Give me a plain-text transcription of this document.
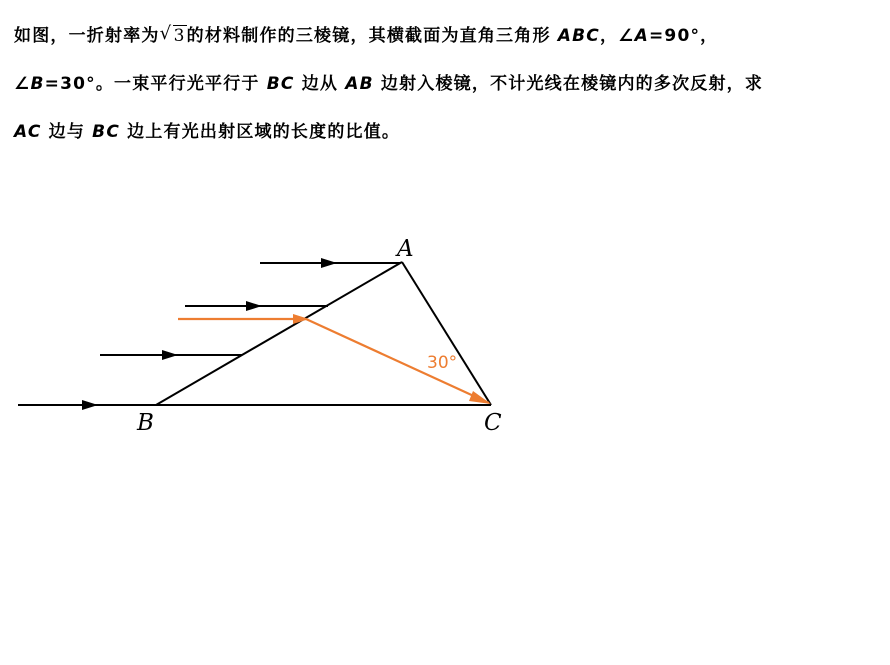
如图，一折射率为 √ 3的材料制作的三棱镜，其横截面为直角三角形 ABC，∠A=90°，
∠B=30°。一束平行光平行于 BC 边从 AB 边射入棱镜，不计光线在棱镜内的多次反射，求
AC 边与 BC 边上有光出射区域的长度的比值。
A
B	C
30°
